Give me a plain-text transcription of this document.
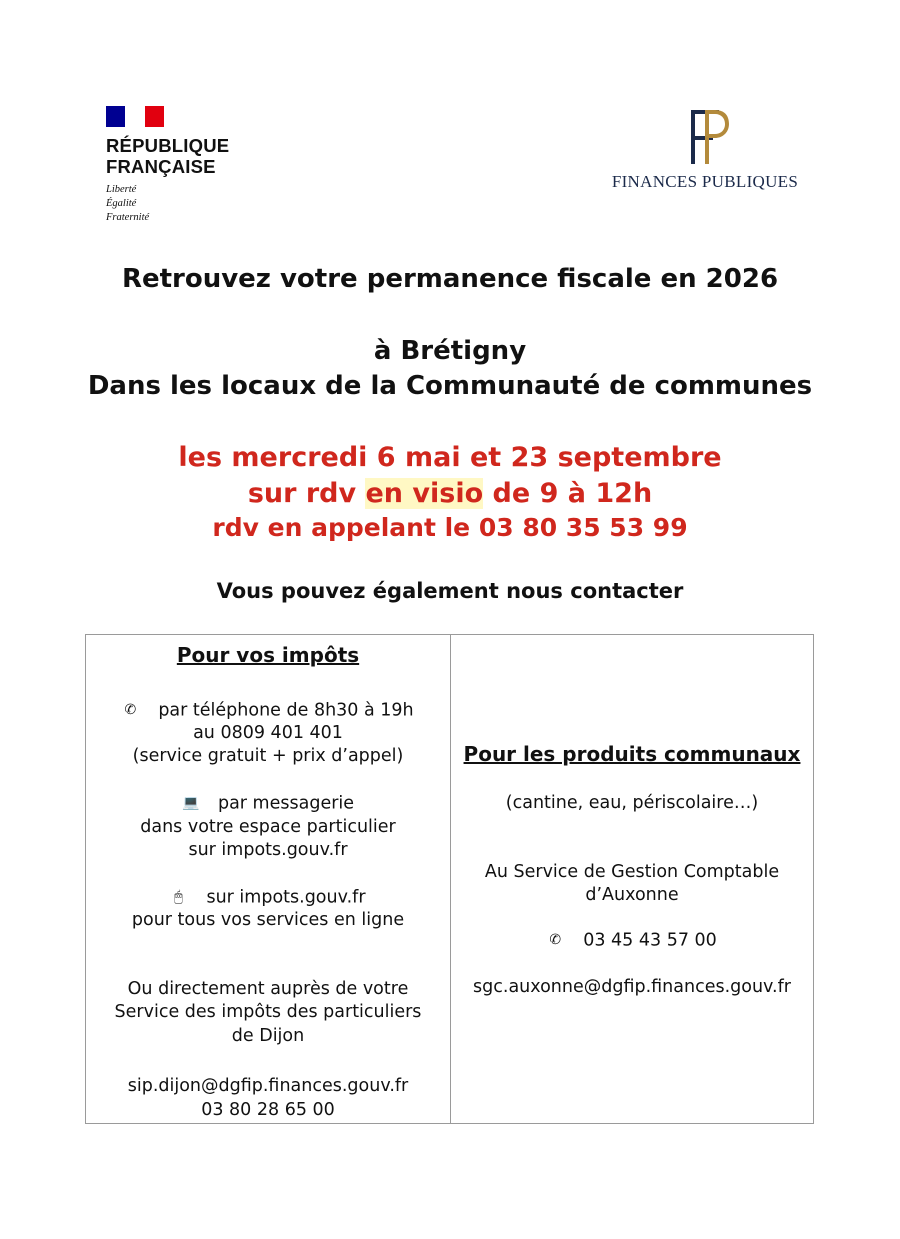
RÉPUBLIQUE
FRANÇAISE
Liberté
Égalité
Fraternité
FINANCES PUBLIQUES
Retrouvez votre permanence fiscale en 2026
à Brétigny
Dans les locaux de la Communauté de communes
les mercredi 6 mai et 23 septembre
sur rdv en visio de 9 à 12h
rdv en appelant le 03 80 35 53 99
Vous pouvez également nous contacter
Pour vos impôts
✆ par téléphone de 8h30 à 19h
au 0809 401 401
(service gratuit + prix d’appel)
💻 par messagerie
dans votre espace particulier
sur impots.gouv.fr
🖱 sur impots.gouv.fr
pour tous vos services en ligne
Ou directement auprès de votre
Service des impôts des particuliers
de Dijon
sip.dijon@dgfip.finances.gouv.fr
03 80 28 65 00
Pour les produits communaux
(cantine, eau, périscolaire…)
Au Service de Gestion Comptable
d’Auxonne
✆ 03 45 43 57 00
sgc.auxonne@dgfip.finances.gouv.fr
